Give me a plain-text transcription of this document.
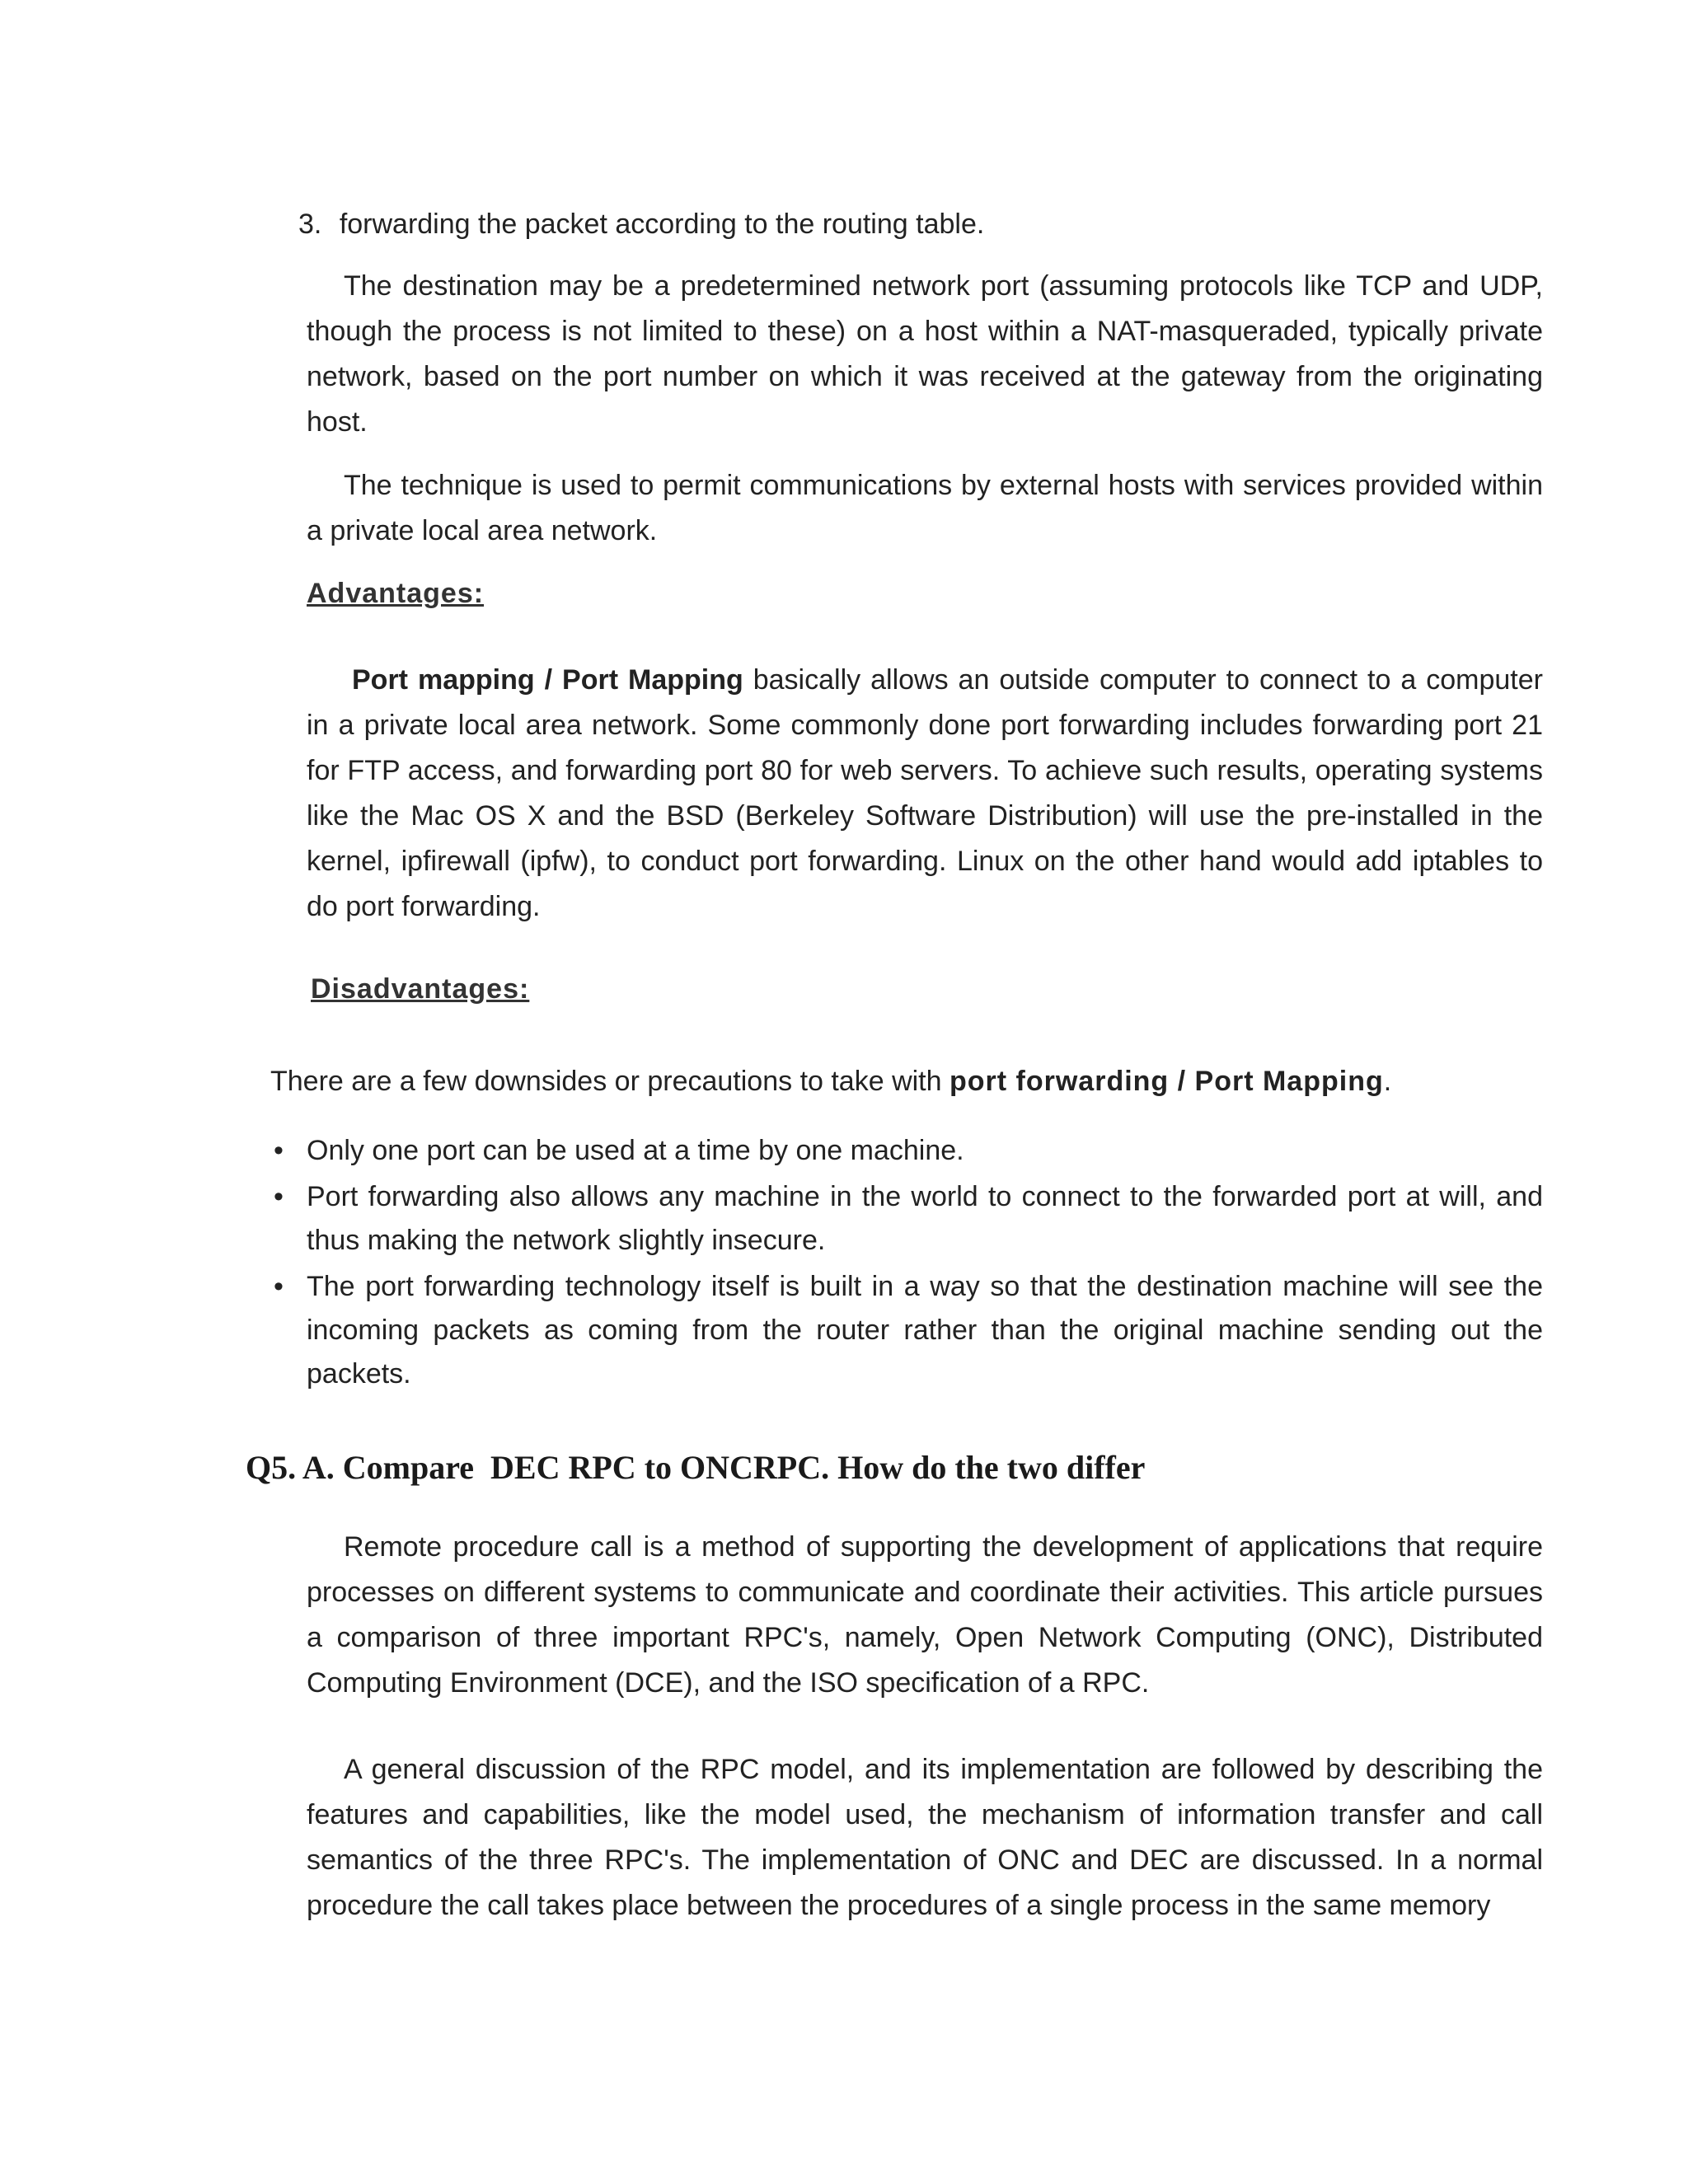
3. forwarding the packet according to the routing table.
The destination may be a predetermined network port (assuming protocols like TCP and UDP, though the process is not limited to these) on a host within a NAT-masqueraded, typically private network, based on the port number on which it was received at the gateway from the originating host.
The technique is used to permit communications by external hosts with services provided within a private local area network.
Advantages:
Port mapping / Port Mapping basically allows an outside computer to connect to a computer in a private local area network. Some commonly done port forwarding includes forwarding port 21 for FTP access, and forwarding port 80 for web servers. To achieve such results, operating systems like the Mac OS X and the BSD (Berkeley Software Distribution) will use the pre-installed in the kernel, ipfirewall (ipfw), to conduct port forwarding. Linux on the other hand would add iptables to do port forwarding.
Disadvantages:
There are a few downsides or precautions to take with port forwarding / Port Mapping.
• Only one port can be used at a time by one machine.
• Port forwarding also allows any machine in the world to connect to the forwarded port at will, and thus making the network slightly insecure.
• The port forwarding technology itself is built in a way so that the destination machine will see the incoming packets as coming from the router rather than the original machine sending out the packets.
Q5. A. Compare  DEC RPC to ONCRPC. How do the two differ
Remote procedure call is a method of supporting the development of applications that require processes on different systems to communicate and coordinate their activities. This article pursues a comparison of three important RPC's, namely, Open Network Computing (ONC), Distributed Computing Environment (DCE), and the ISO specification of a RPC.
A general discussion of the RPC model, and its implementation are followed by describing the features and capabilities, like the model used, the mechanism of information transfer and call semantics of the three RPC's. The implementation of ONC and DEC are discussed. In a normal procedure the call takes place between the procedures of a single process in the same memory
